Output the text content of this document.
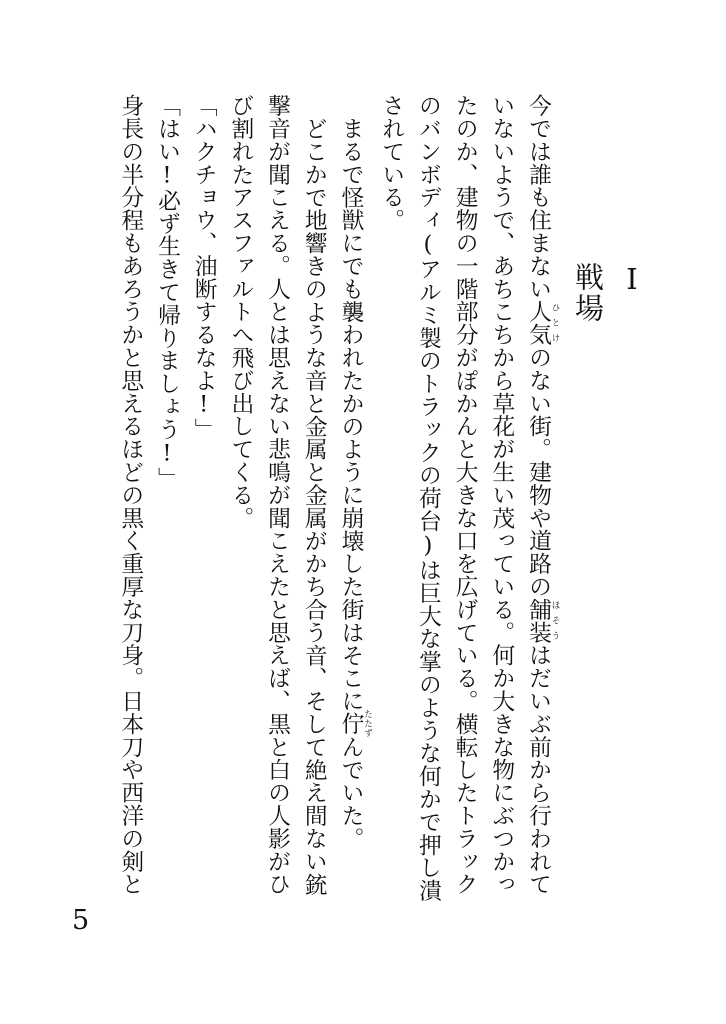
Ⅰ
戦場

今では誰も住まない人気 ひとけのない街。建物や道路の舗装 ほそうはだいぶ前から行われていないようで、あちこちから草花が生い茂っている。何か大きな物にぶつかったのか、建物の一階部分がぽかんと大きな口を広げている。横転したトラックのバンボディ(アルミ製のトラックの荷台)は巨大な掌のような何かで押し潰されている。

まるで怪獣にでも襲われたかのように崩壊した街はそこに佇 たたずんでいた。

どこかで地響きのような音と金属と金属がかち合う音、そして絶え間ない銃撃音が聞こえる。人とは思えない悲鳴が聞こえたと思えば、黒と白の人影がひび割れたアスファルトへ飛び出してくる。

「ハクチョウ、油断するなよ!」

「はい!必ず生きて帰りましょう!」

身長の半分程もあろうかと思えるほどの黒く重厚な刀身。日本刀や西洋の剣と

5
